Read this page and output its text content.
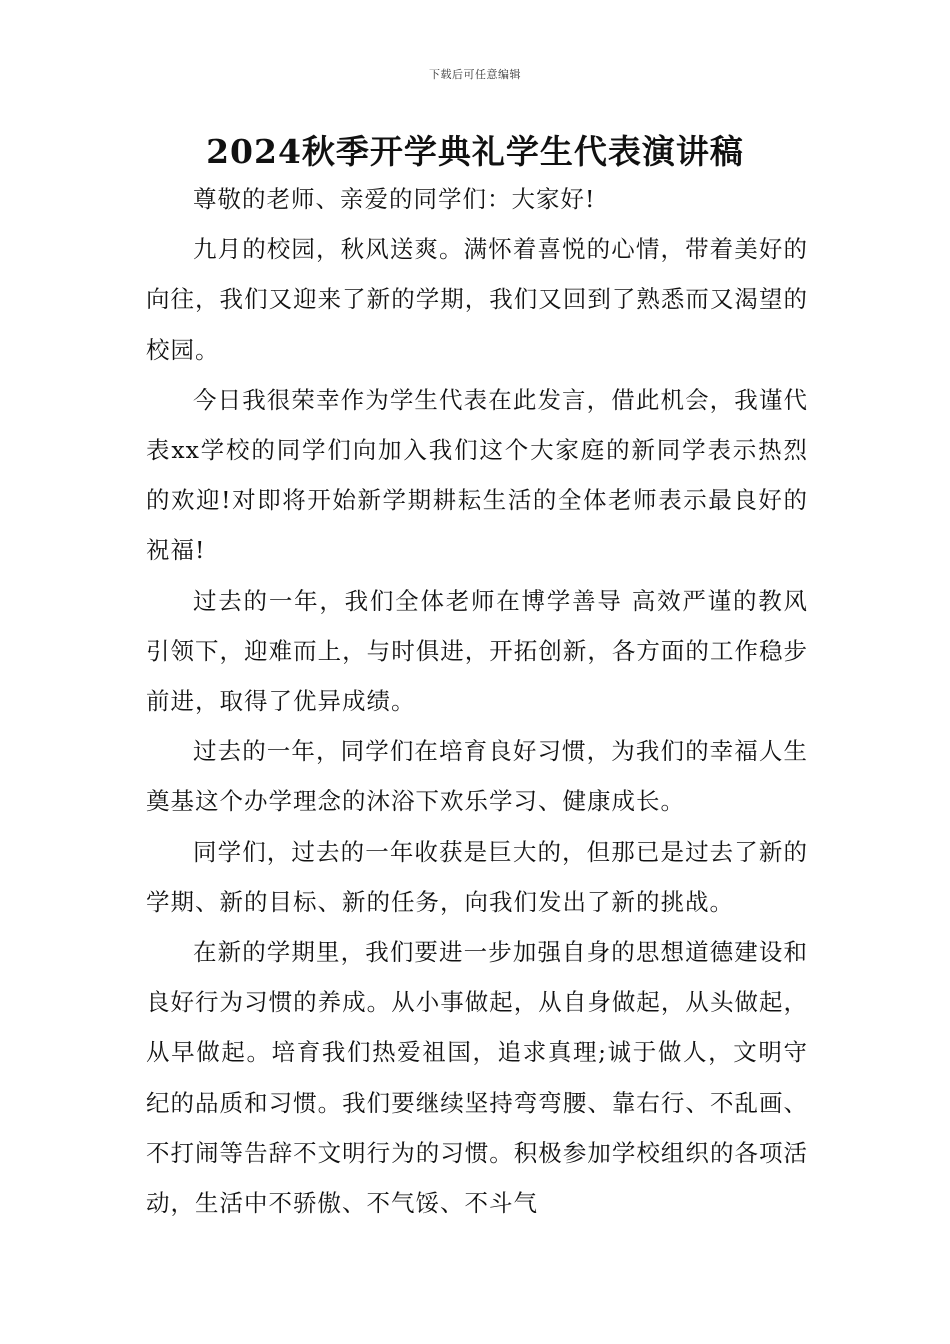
下载后可任意编辑
2024秋季开学典礼学生代表演讲稿

尊敬的老师、亲爱的同学们：大家好!

九月的校园，秋风送爽。满怀着喜悦的心情，带着美好的向往，我们又迎来了新的学期，我们又回到了熟悉而又渴望的校园。

今日我很荣幸作为学生代表在此发言，借此机会，我谨代表xx学校的同学们向加入我们这个大家庭的新同学表示热烈的欢迎!对即将开始新学期耕耘生活的全体老师表示最良好的祝福!

过去的一年，我们全体老师在博学善导 高效严谨的教风引领下，迎难而上，与时俱进，开拓创新，各方面的工作稳步前进，取得了优异成绩。

过去的一年，同学们在培育良好习惯，为我们的幸福人生奠基这个办学理念的沐浴下欢乐学习、健康成长。

同学们，过去的一年收获是巨大的，但那已是过去了新的学期、新的目标、新的任务，向我们发出了新的挑战。

在新的学期里，我们要进一步加强自身的思想道德建设和良好行为习惯的养成。从小事做起，从自身做起，从头做起，从早做起。培育我们热爱祖国，追求真理;诚于做人，文明守纪的品质和习惯。我们要继续坚持弯弯腰、靠右行、不乱画、不打闹等告辞不文明行为的习惯。积极参加学校组织的各项活动，生活中不骄傲、不气馁、不斗气
